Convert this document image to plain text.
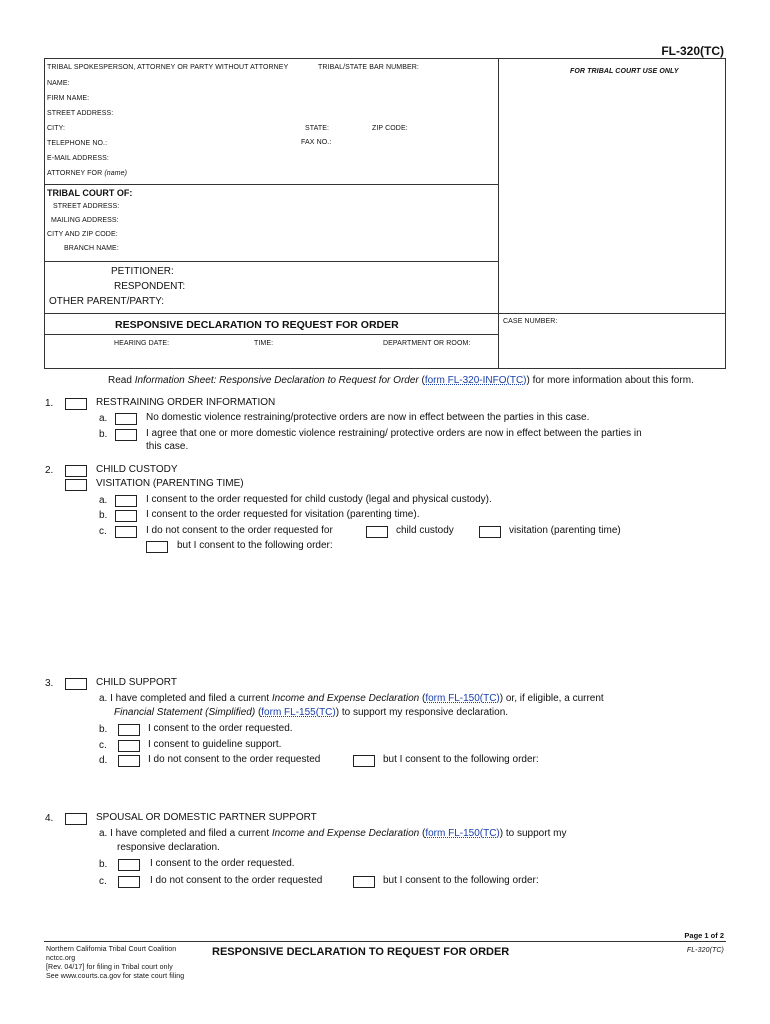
FL-320(TC)
TRIBAL SPOKESPERSON, ATTORNEY OR PARTY WITHOUT ATTORNEY	TRIBAL/STATE BAR NUMBER:
FOR TRIBAL COURT USE ONLY
NAME:
FIRM NAME:
STREET ADDRESS:
CITY:	STATE:	ZIP CODE:
TELEPHONE NO.:	FAX NO.:
E-MAIL ADDRESS:
ATTORNEY FOR (name)
TRIBAL COURT OF:
STREET ADDRESS:
MAILING ADDRESS:
CITY AND ZIP CODE:
BRANCH NAME:
PETITIONER:
RESPONDENT:
OTHER PARENT/PARTY:
RESPONSIVE DECLARATION TO REQUEST FOR ORDER	CASE NUMBER:
HEARING DATE:	TIME:	DEPARTMENT OR ROOM:
Read Information Sheet: Responsive Declaration to Request for Order (form FL-320-INFO(TC)) for more information about this form.
1.	RESTRAINING ORDER INFORMATION
a.	No domestic violence restraining/protective orders are now in effect between the parties in this case.
b.	I agree that one or more domestic violence restraining/ protective orders are now in effect between the parties in
this case.
2.	CHILD CUSTODY
VISITATION (PARENTING TIME)
a.	I consent to the order requested for child custody (legal and physical custody).
b.	I consent to the order requested for visitation (parenting time).
c.	I do not consent to the order requested for	child custody	visitation (parenting time)
but I consent to the following order:
3.	CHILD SUPPORT
a. I have completed and filed a current Income and Expense Declaration (form FL-150(TC)) or, if eligible, a current
Financial Statement (Simplified) (form FL-155(TC)) to support my responsive declaration.
b.	I consent to the order requested.
c.	I consent to guideline support.
d.	I do not consent to the order requested	but I consent to the following order:
4.	SPOUSAL OR DOMESTIC PARTNER SUPPORT
a. I have completed and filed a current Income and Expense Declaration (form FL-150(TC)) to support my
responsive declaration.
b.	I consent to the order requested.
c.	I do not consent to the order requested	but I consent to the following order:
Page 1 of 2
Northern California Tribal Court Coalition
nctcc.org
[Rev. 04/17] for filing in Tribal court only
See www.courts.ca.gov for state court filing
RESPONSIVE DECLARATION TO REQUEST FOR ORDER	FL-320(TC)
